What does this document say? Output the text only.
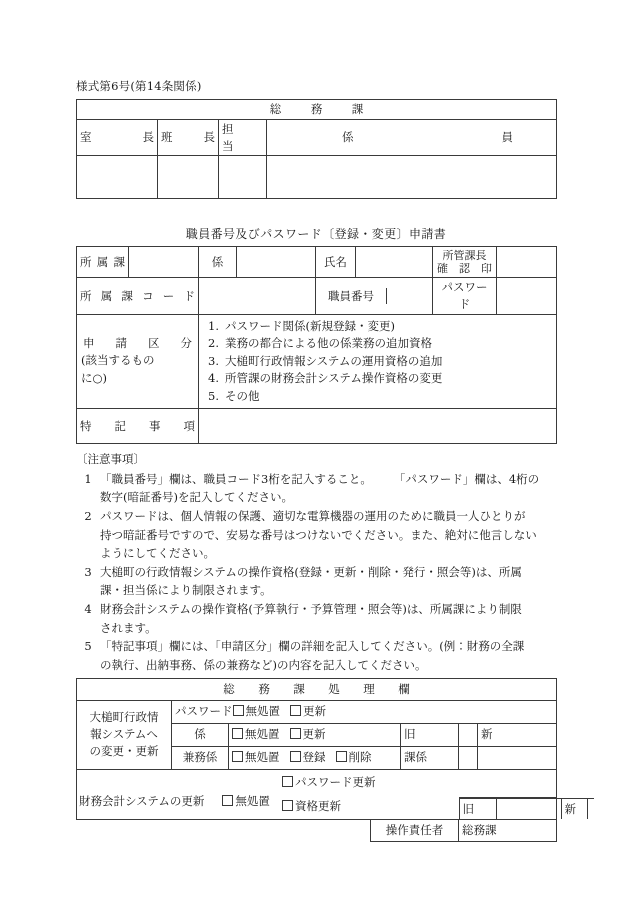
様式第6号(第14条関係)
総　務　課			
室　　　長	班　　長	担　　当	係 員

職員番号及びパスワード〔登録・変更〕申請書
所 属 課		係		氏名		所管課長
確　認　印	

所 属 課 コ ー ド				職員番号		パスワード	

申　請　区　分
(該当するもの
に○)

1. パスワード関係(新規登録・変更)
2. 業務の都合による他の係業務の追加資格
3. 大槌町行政情報システムの運用資格の追加
4. 所管課の財務会計システム操作資格の変更
5. その他

特　記　事　項							
〔注意事項〕
1 「職員番号」欄は、職員コード3桁を記入すること。 「パスワード」欄は、4桁の
数字(暗証番号)を記入してください。
2 パスワードは、個人情報の保護、適切な電算機器の運用のために職員一人ひとりが
持つ暗証番号ですので、安易な番号はつけないでください。また、絶対に他言しない
ようにしてください。
3 大槌町の行政情報システムの操作資格(登録・更新・削除・発行・照会等)は、所属
課・担当係により制限されます。
4 財務会計システムの操作資格(予算執行・予算管理・照会等)は、所属課により制限
されます。
5 「特記事項」欄には、「申請区分」欄の詳細を記入してください。(例：財務の全課
の執行、出納事務、係の兼務など)の内容を記入してください。
総　務　課　処　理　欄							

大槌町行政情
報システムへ
の変更・更新	パスワード 無処置 更新						
	係	無処置 更新		旧		新	
	兼務係	無処置 登録 削除		課係			

財務会計システムの更新 無処置
パスワード更新
資格更新							

					旧 新		

			操作責任者		総務課		
